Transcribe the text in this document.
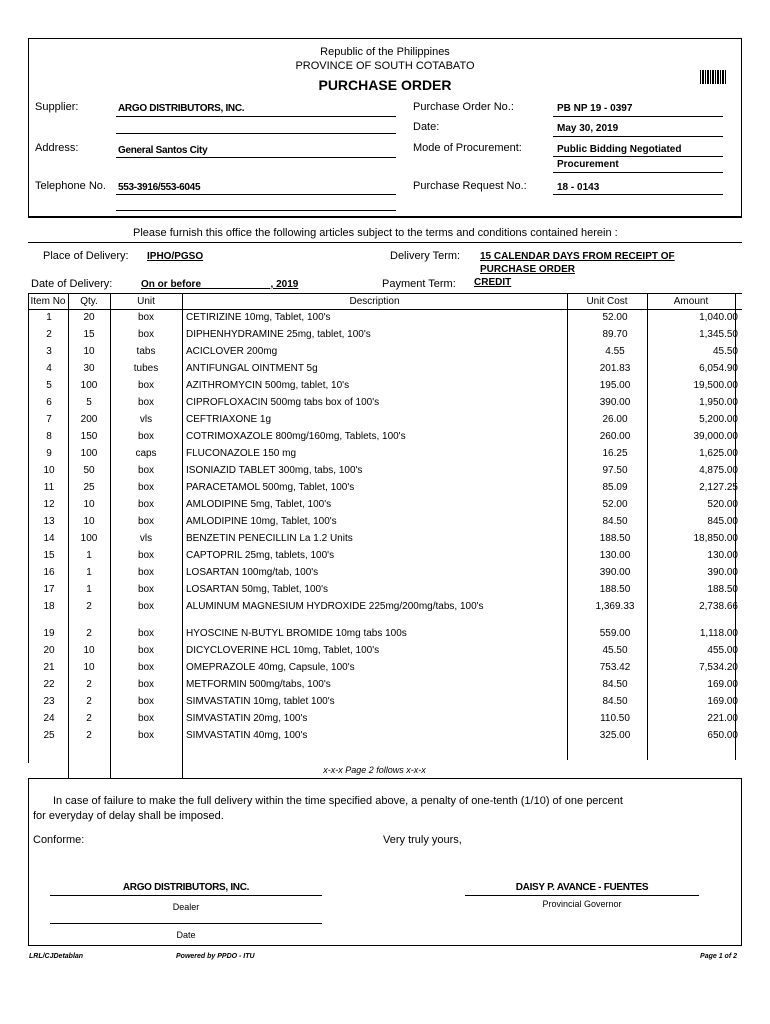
Republic of the Philippines
PROVINCE OF SOUTH COTABATO
PURCHASE ORDER
Supplier:	ARGO DISTRIBUTORS, INC.
Address:	General Santos City
Telephone No. 553-3916/553-6045
Purchase Order No.:	PB NP 19 - 0397
Date:	May 30, 2019
Mode of Procurement:	Public Bidding Negotiated
Procurement
Purchase Request No.:	18 - 0143
Please furnish this office the following articles subject to the terms and conditions contained herein :
Place of Delivery: IPHO/PGSO	Delivery Term: 15 CALENDAR DAYS FROM RECEIPT OF
PURCHASE ORDER
Date of Delivery:	On or before ____________, 2019	Payment Term: CREDIT
Item No	Qty.	Unit	Description	Unit Cost	Amount
1	20	box	CETIRIZINE 10mg, Tablet, 100's	52.00	1,040.00
2	15	box	DIPHENHYDRAMINE 25mg, tablet, 100's	89.70	1,345.50
3	10	tabs	ACICLOVER 200mg	4.55	45.50
4	30	tubes	ANTIFUNGAL OINTMENT 5g	201.83	6,054.90
5	100	box	AZITHROMYCIN 500mg, tablet, 10's	195.00	19,500.00
6	5	box	CIPROFLOXACIN 500mg tabs box of 100's	390.00	1,950.00
7	200	vls	CEFTRIAXONE 1g	26.00	5,200.00
8	150	box	COTRIMOXAZOLE 800mg/160mg, Tablets, 100's	260.00	39,000.00
9	100	caps	FLUCONAZOLE 150 mg	16.25	1,625.00
10	50	box	ISONIAZID TABLET 300mg, tabs, 100's	97.50	4,875.00
11	25	box	PARACETAMOL 500mg, Tablet, 100's	85.09	2,127.25
12	10	box	AMLODIPINE 5mg, Tablet, 100's	52.00	520.00
13	10	box	AMLODIPINE 10mg, Tablet, 100's	84.50	845.00
14	100	vls	BENZETIN PENECILLIN La 1.2 Units	188.50	18,850.00
15	1	box	CAPTOPRIL 25mg, tablets, 100's	130.00	130.00
16	1	box	LOSARTAN 100mg/tab, 100's	390.00	390.00
17	1	box	LOSARTAN 50mg, Tablet, 100's	188.50	188.50
18	2	box	ALUMINUM MAGNESIUM HYDROXIDE 225mg/200mg/tabs, 100's	1,369.33	2,738.66
19	2	box	HYOSCINE N-BUTYL BROMIDE 10mg tabs 100s	559.00	1,118.00
20	10	box	DICYCLOVERINE HCL 10mg, Tablet, 100's	45.50	455.00
21	10	box	OMEPRAZOLE 40mg, Capsule, 100's	753.42	7,534.20
22	2	box	METFORMIN 500mg/tabs, 100's	84.50	169.00
23	2	box	SIMVASTATIN 10mg, tablet 100's	84.50	169.00
24	2	box	SIMVASTATIN 20mg, 100's	110.50	221.00
25	2	box	SIMVASTATIN 40mg, 100's	325.00	650.00
x-x-x Page 2 follows x-x-x
In case of failure to make the full delivery within the time specified above, a penalty of one-tenth (1/10) of one percent
for everyday of delay shall be imposed.
Conforme:	Very truly yours,
ARGO DISTRIBUTORS, INC.
Dealer
Date
DAISY P. AVANCE - FUENTES
Provincial Governor
LRL/CJDetablan	Powered by PPDO - ITU	Page 1 of 2
